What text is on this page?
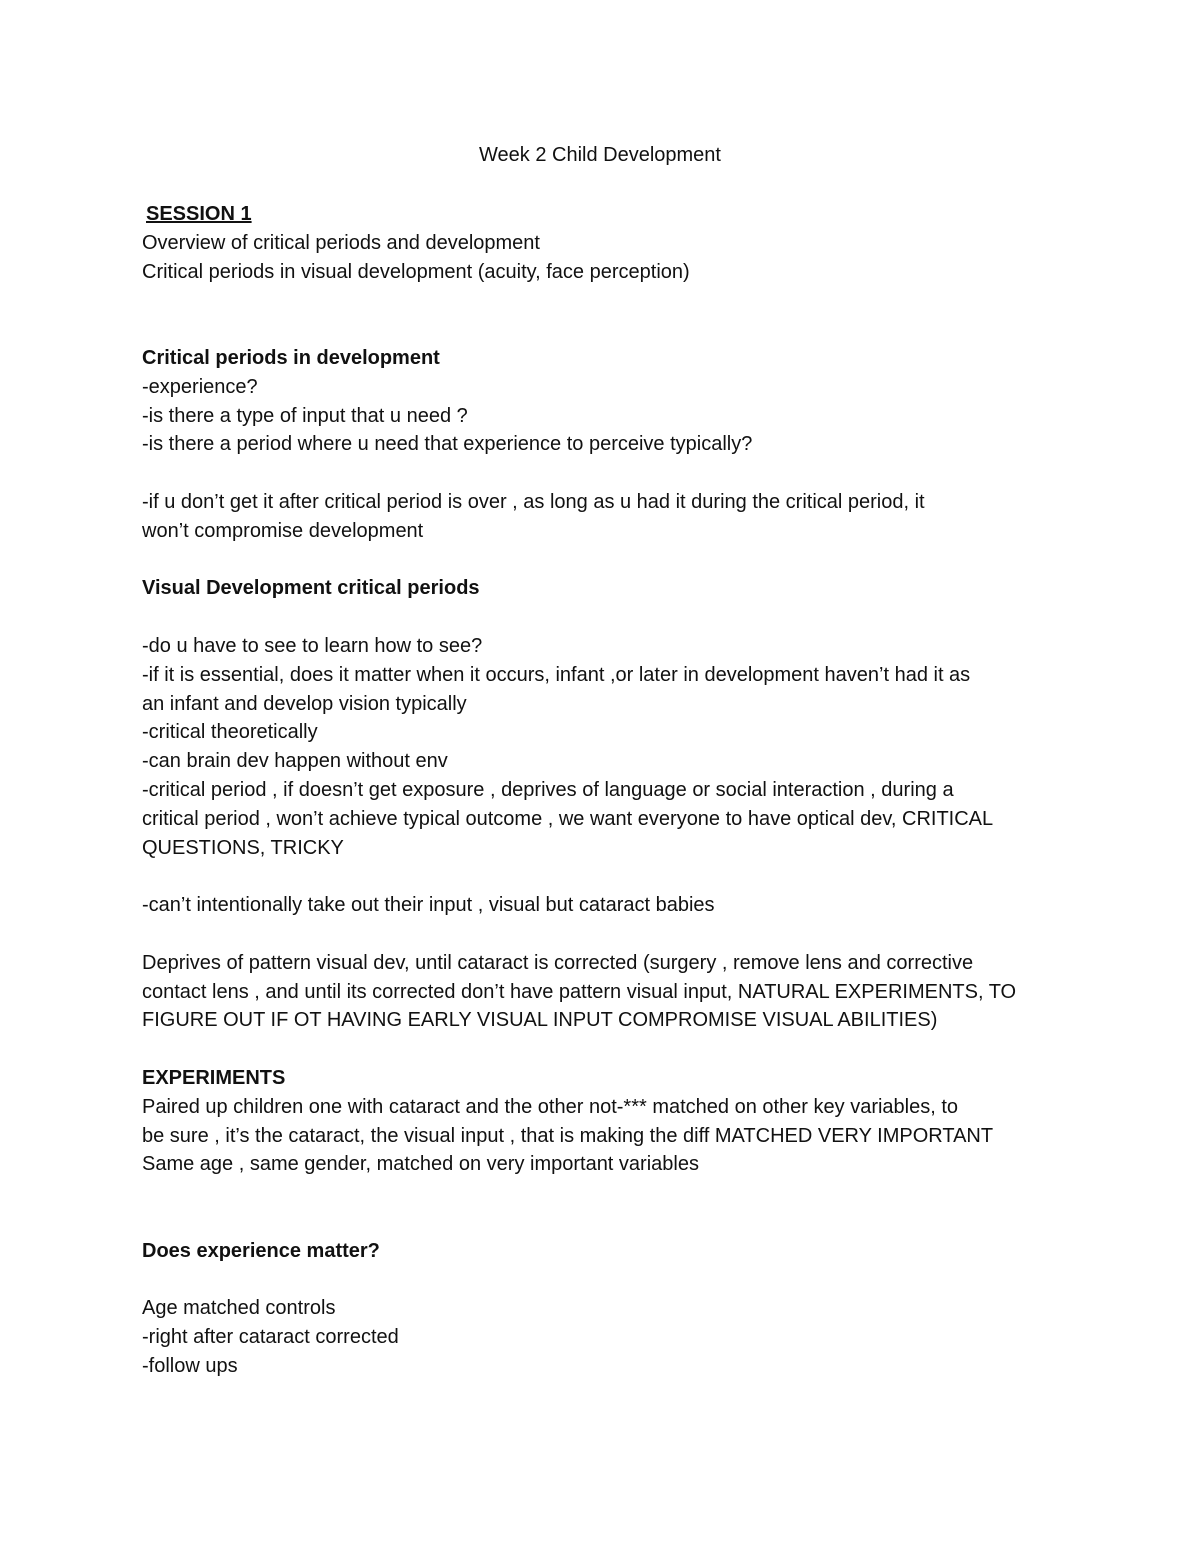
Week 2 Child Development
SESSION 1
Overview of critical periods and development
Critical periods in visual development (acuity, face perception)
Critical periods in development
-experience?
-is there a type of input that u need ?
-is there a period where u need that experience to perceive typically?
-if u don’t get it after critical period is over , as long as u had it during the critical period, it
won’t compromise development
Visual Development critical periods
-do u have to see to learn how to see?
-if it is essential, does it matter when it occurs, infant ,or later in development haven’t had it as
an infant and develop vision typically
-critical theoretically
-can brain dev happen without env
-critical period , if doesn’t get exposure , deprives of language or social interaction , during a
critical period , won’t achieve typical outcome , we want everyone to have optical dev, CRITICAL
QUESTIONS, TRICKY
-can’t intentionally take out their input , visual but cataract babies
Deprives of pattern visual dev, until cataract is corrected (surgery , remove lens and corrective
contact lens , and until its corrected don’t have pattern visual input, NATURAL EXPERIMENTS, TO
FIGURE OUT IF OT HAVING EARLY VISUAL INPUT COMPROMISE VISUAL ABILITIES)
EXPERIMENTS
Paired up children one with cataract and the other not-*** matched on other key variables, to
be sure , it’s the cataract, the visual input , that is making the diff MATCHED VERY IMPORTANT
Same age , same gender, matched on very important variables
Does experience matter?
Age matched controls
-right after cataract corrected
-follow ups
